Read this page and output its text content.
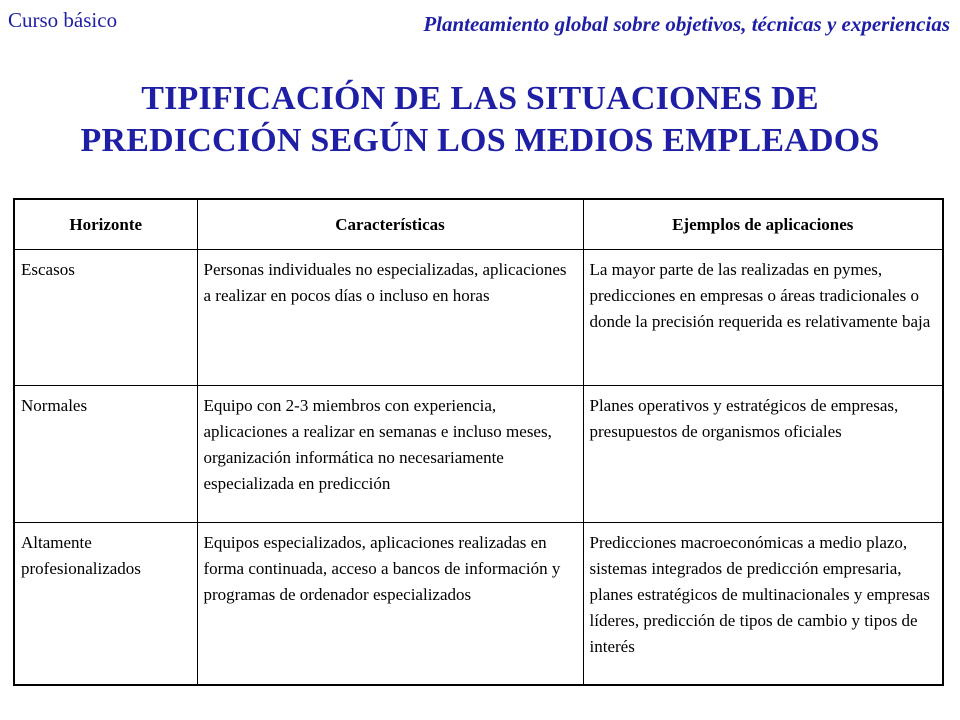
Curso básico	Planteamiento global sobre objetivos, técnicas y experiencias
TIPIFICACIÓN DE LAS SITUACIONES DE
PREDICCIÓN SEGÚN LOS MEDIOS EMPLEADOS
Horizonte	Características	Ejemplos de aplicaciones
Escasos	Personas individuales no especializadas, aplicaciones a realizar en pocos días o incluso en horas	La mayor parte de las realizadas en pymes, predicciones en empresas o áreas tradicionales o donde la precisión requerida es relativamente baja
Normales	Equipo con 2-3 miembros con experiencia, aplicaciones a realizar en semanas e incluso meses, organización informática no necesariamente especializada en predicción	Planes operativos y estratégicos de empresas, presupuestos de organismos oficiales
Altamente profesionalizados	Equipos especializados, aplicaciones realizadas en forma continuada, acceso a bancos de información y programas de ordenador especializados	Predicciones macroeconómicas a medio plazo, sistemas integrados de predicción empresaria, planes estratégicos de multinacionales y empresas líderes, predicción de tipos de cambio y tipos de interés
